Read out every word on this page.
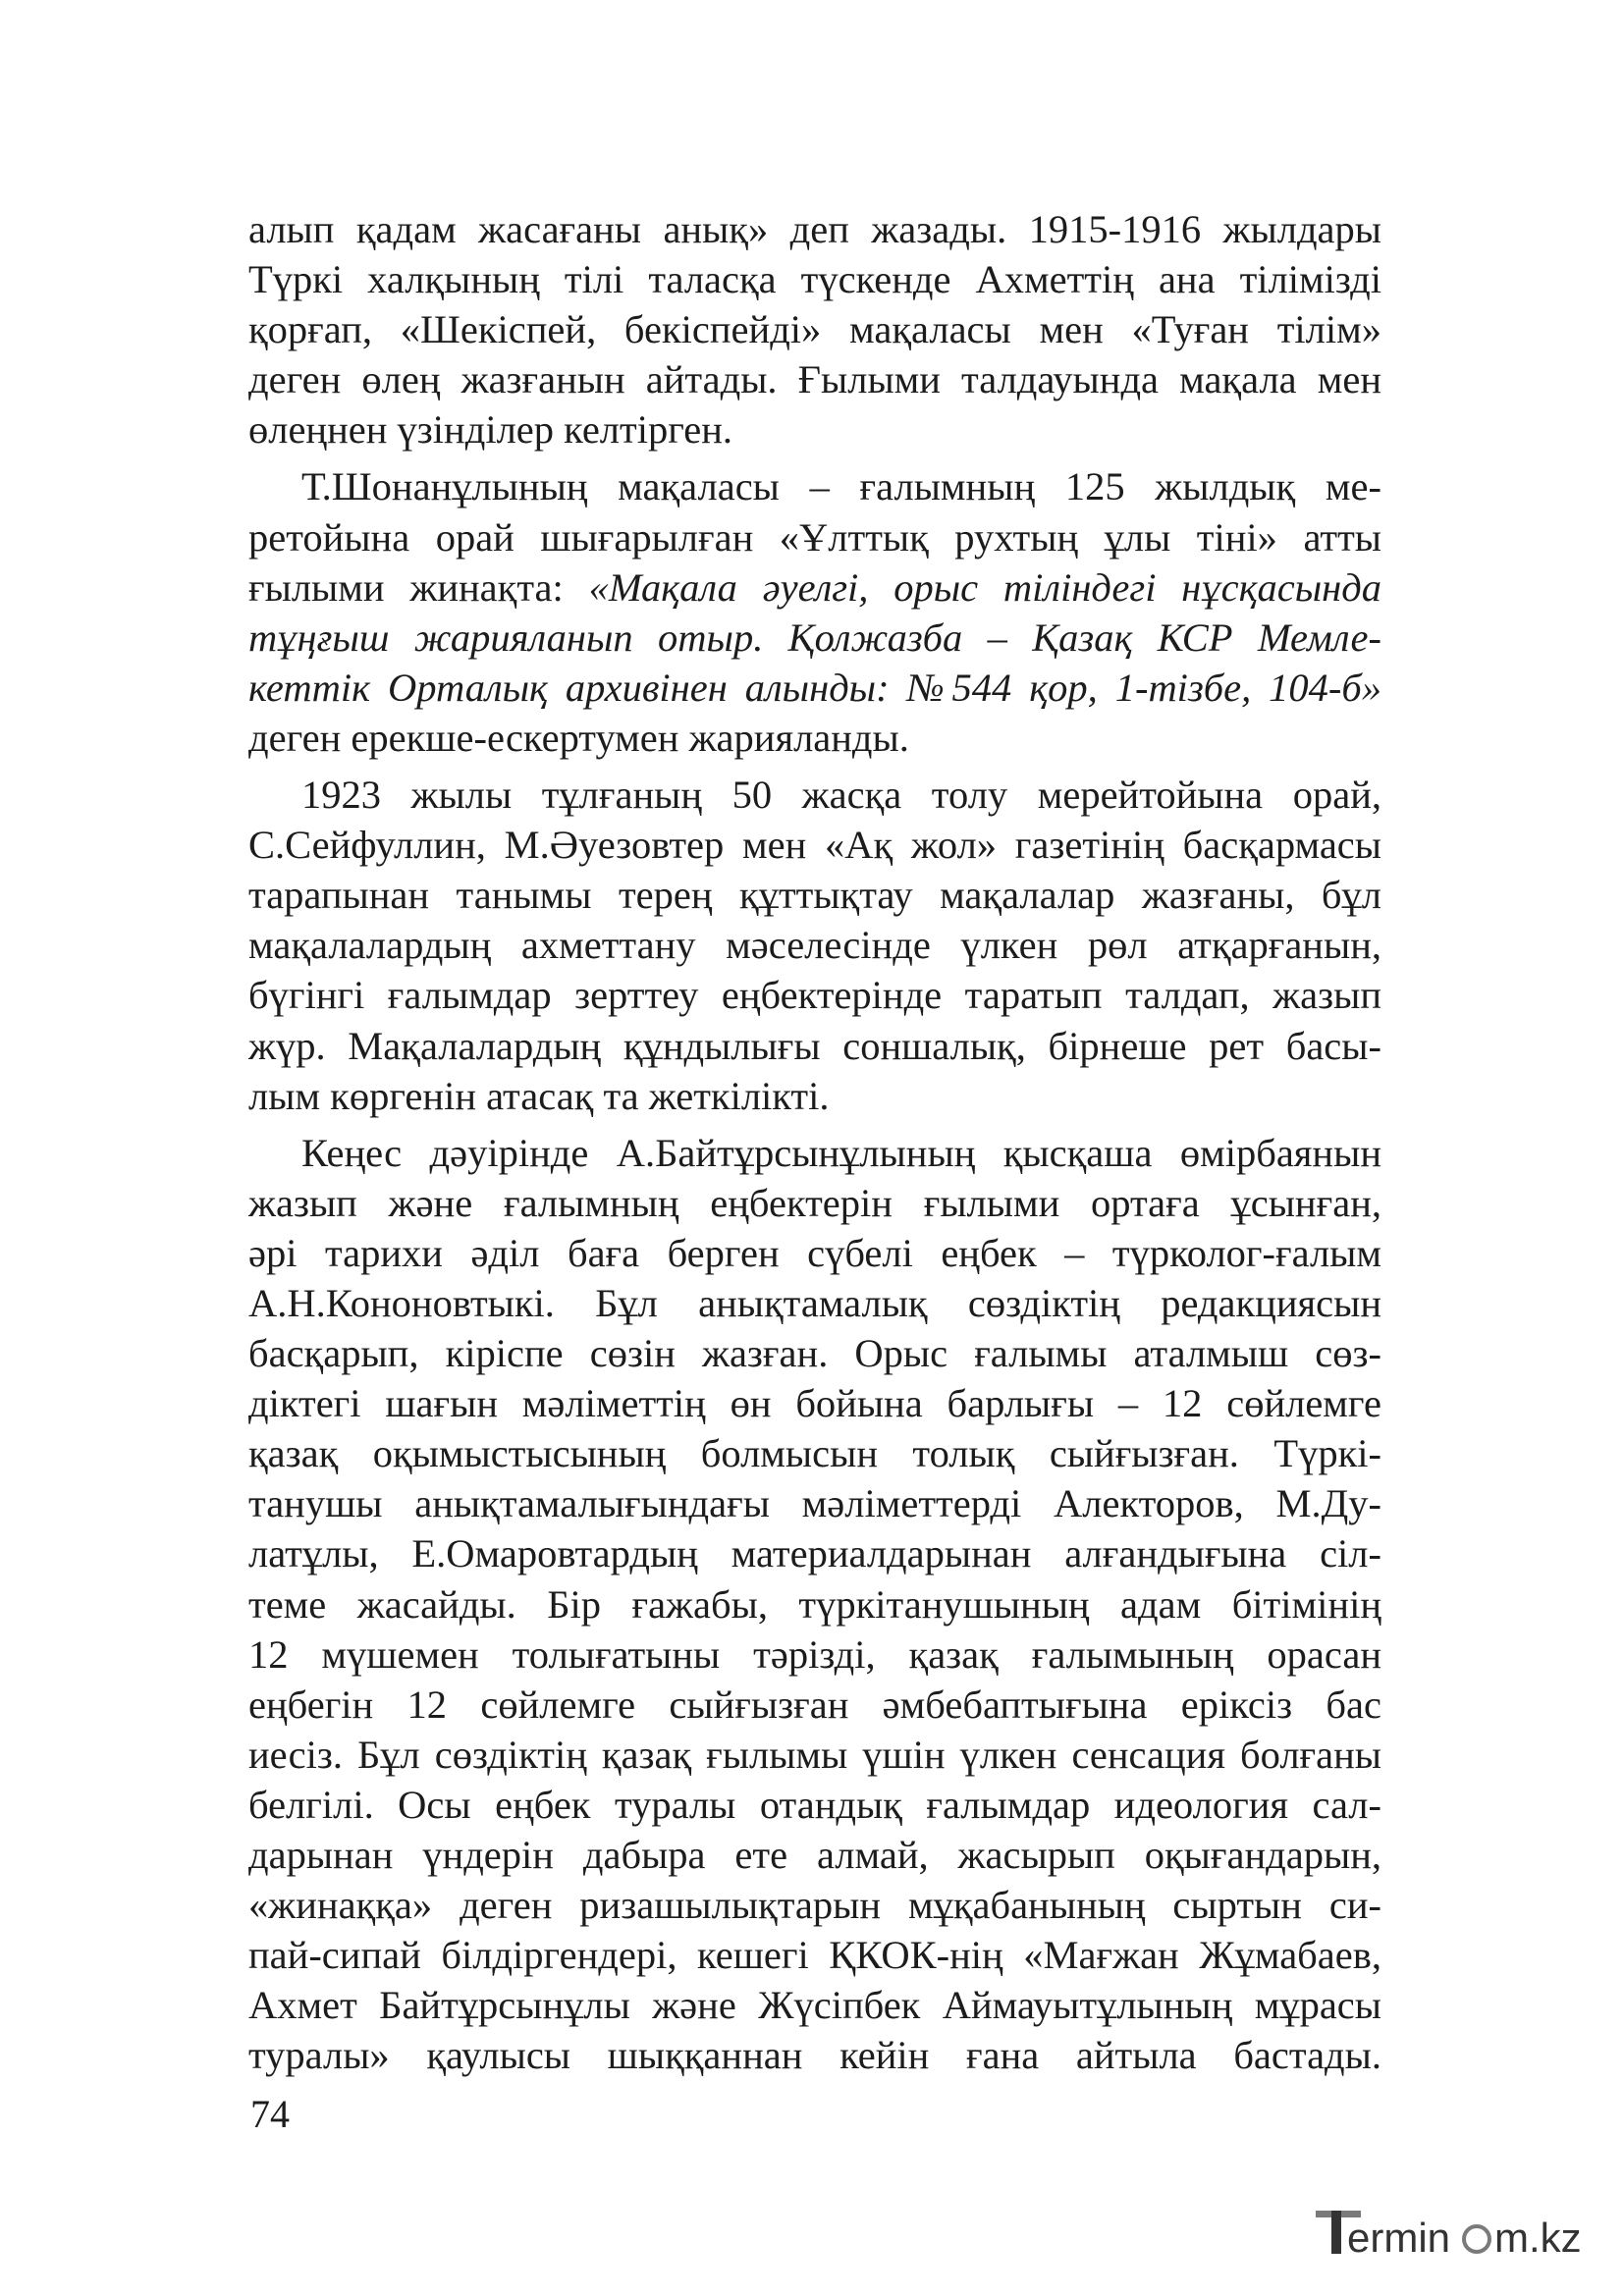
алып қадам жасағаны анық» деп жазады. 1915-1916 жылдары
Түркі халқының тілі таласқа түскенде Ахметтің ана тілімізді
қорғап, «Шекіспей, бекіспейді» мақаласы мен «Туған тілім»
деген өлең жазғанын айтады. Ғылыми талдауында мақала мен
өлеңнен үзінділер келтірген.

Т.Шонанұлының мақаласы – ғалымның 125 жылдық ме-
ретойына орай шығарылған «Ұлттық рухтың ұлы тіні» атты
ғылыми жинақта: «Мақала әуелгі, орыс тіліндегі нұсқасында
тұңғыш жарияланып отыр. Қолжазба – Қазақ КСР Мемле-
кеттік Орталық архивінен алынды: №544 қор, 1-тізбе, 104-б»
деген ерекше-ескертумен жарияланды.

1923 жылы тұлғаның 50 жасқа толу мерейтойына орай,
С.Сейфуллин, М.Әуезовтер мен «Ақ жол» газетінің басқармасы
тарапынан танымы терең құттықтау мақалалар жазғаны, бұл
мақалалардың ахметтану мәселесінде үлкен рөл атқарғанын,
бүгінгі ғалымдар зерттеу еңбектерінде таратып талдап, жазып
жүр. Мақалалардың құндылығы соншалық, бірнеше рет басы-
лым көргенін атасақ та жеткілікті.

Кеңес дәуірінде А.Байтұрсынұлының қысқаша өмірбаянын
жазып және ғалымның еңбектерін ғылыми ортаға ұсынған,
әрі тарихи әділ баға берген сүбелі еңбек – түрколог-ғалым
А.Н.Кононовтыкі. Бұл анықтамалық сөздіктің редакциясын
басқарып, кіріспе сөзін жазған. Орыс ғалымы аталмыш сөз-
діктегі шағын мәліметтің өн бойына барлығы – 12 сөйлемге
қазақ оқымыстысының болмысын толық сыйғызған. Түркі-
танушы анықтамалығындағы мәліметтерді Алекторов, М.Ду-
латұлы, Е.Омаровтардың материалдарынан алғандығына сіл-
теме жасайды. Бір ғажабы, түркітанушының адам бітімінің
12 мүшемен толығатыны тәрізді, қазақ ғалымының орасан
еңбегін 12 сөйлемге сыйғызған әмбебаптығына еріксіз бас
иесіз. Бұл сөздіктің қазақ ғылымы үшін үлкен сенсация болғаны
белгілі. Осы еңбек туралы отандық ғалымдар идеология сал-
дарынан үндерін дабыра ете алмай, жасырып оқығандарын,
«жинаққа» деген ризашылықтарын мұқабанының сыртын си-
пай-сипай білдіргендері, кешегі ҚКОК-нің «Мағжан Жұмабаев,
Ахмет Байтұрсынұлы және Жүсіпбек Аймауытұлының мұрасы
туралы» қаулысы шыққаннан кейін ғана айтыла бастады.

74
ermin m.kz
